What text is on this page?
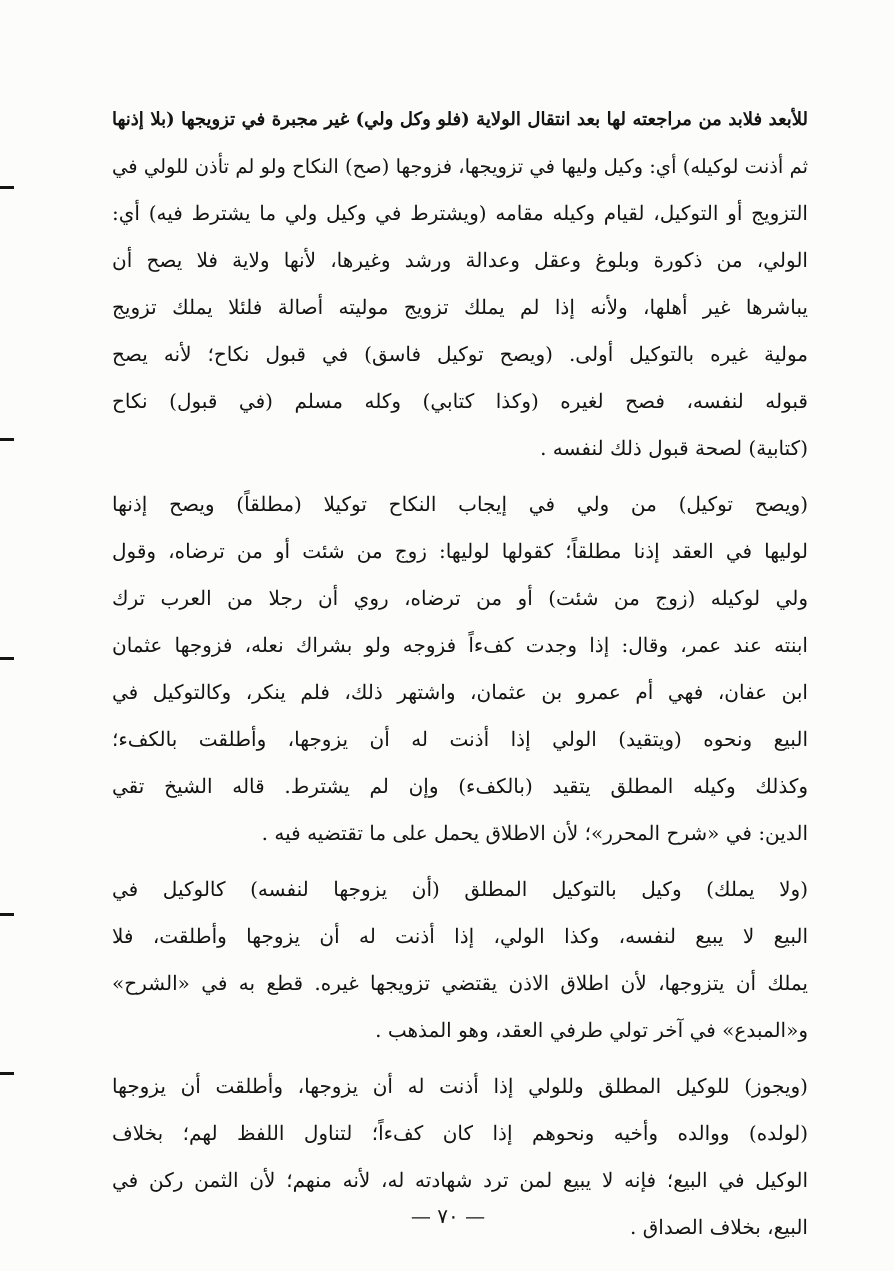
للأبعد فلابد من مراجعته لها بعد انتقال الولاية (فلو وكل ولي) غير مجبرة في تزويجها (بلا إذنها
ثم أذنت لوكيله) أي: وكيل وليها في تزويجها، فزوجها (صح) النكاح ولو لم تأذن للولي في
التزويج أو التوكيل، لقيام وكيله مقامه (ويشترط في وكيل ولي ما يشترط فيه) أي:
الولي، من ذكورة وبلوغ وعقل وعدالة ورشد وغيرها، لأنها ولاية فلا يصح أن
يباشرها غير أهلها، ولأنه إذا لم يملك تزويج موليته أصالة فلئلا يملك تزويج
مولية غيره بالتوكيل أولى. (ويصح توكيل فاسق) في قبول نكاح؛ لأنه يصح
قبوله لنفسه، فصح لغيره (وكذا كتابي) وكله مسلم (في قبول) نكاح
(كتابية) لصحة قبول ذلك لنفسه .
(ويصح توكيل) من ولي في إيجاب النكاح توكيلا (مطلقاً) ويصح إذنها
لوليها في العقد إذنا مطلقاً؛ كقولها لوليها: زوج من شئت أو من ترضاه، وقول
ولي لوكيله (زوج من شئت) أو من ترضاه، روي أن رجلا من العرب ترك
ابنته عند عمر، وقال: إذا وجدت كفءاً فزوجه ولو بشراك نعله، فزوجها عثمان
ابن عفان، فهي أم عمرو بن عثمان، واشتهر ذلك، فلم ينكر، وكالتوكيل في
البيع ونحوه (ويتقيد) الولي إذا أذنت له أن يزوجها، وأطلقت بالكفء؛
وكذلك وكيله المطلق يتقيد (بالكفء) وإن لم يشترط. قاله الشيخ تقي
الدين: في «شرح المحرر»؛ لأن الاطلاق يحمل على ما تقتضيه فيه .
(ولا يملك) وكيل بالتوكيل المطلق (أن يزوجها لنفسه) كالوكيل في
البيع لا يبيع لنفسه، وكذا الولي، إذا أذنت له أن يزوجها وأطلقت، فلا
يملك أن يتزوجها، لأن اطلاق الاذن يقتضي تزويجها غيره. قطع به في «الشرح»
و«المبدع» في آخر تولي طرفي العقد، وهو المذهب .
(ويجوز) للوكيل المطلق وللولي إذا أذنت له أن يزوجها، وأطلقت أن يزوجها
(لولده) ووالده وأخيه ونحوهم إذا كان كفءاً؛ لتناول اللفظ لهم؛ بخلاف
الوكيل في البيع؛ فإنه لا يبيع لمن ترد شهادته له، لأنه منهم؛ لأن الثمن ركن في
البيع، بخلاف الصداق .
— ٧٠ —
